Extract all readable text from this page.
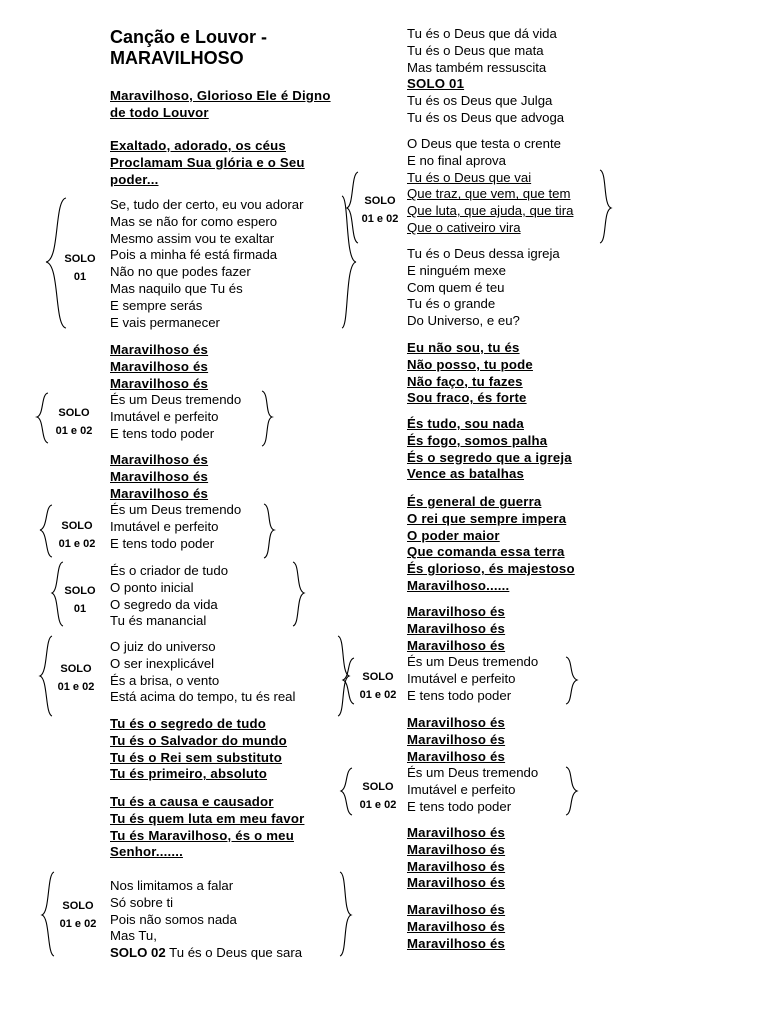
Canção e Louvor -
MARAVILHOSO
Maravilhoso, Glorioso Ele é Digno
de todo Louvor
Exaltado, adorado, os céus
Proclamam Sua glória e o Seu
poder...
Se, tudo der certo, eu vou adorar
Mas se não for como espero
Mesmo assim vou te exaltar
Pois a minha fé está firmada
Não no que podes fazer
Mas naquilo que Tu és
E sempre serás
E vais permanecer
Maravilhoso és
Maravilhoso és
Maravilhoso és
És um Deus tremendo
Imutável e perfeito
E tens todo poder
Maravilhoso és
Maravilhoso és
Maravilhoso és
És um Deus tremendo
Imutável e perfeito
E tens todo poder
És o criador de tudo
O ponto inicial
O segredo da vida
Tu és manancial
O juiz do universo
O ser inexplicável
És a brisa, o vento
Está acima do tempo, tu és real
Tu és o segredo de tudo
Tu és o Salvador do mundo
Tu és o Rei sem substituto
Tu és primeiro, absoluto
Tu és a causa e causador
Tu és quem luta em meu favor
Tu és Maravilhoso, és o meu
Senhor.......
Nos limitamos a falar
Só sobre ti
Pois não somos nada
Mas Tu,
SOLO 02 Tu és o Deus que sara
Tu és o Deus que dá vida
Tu és o Deus que mata
Mas também ressuscita
SOLO 01
Tu és os Deus que Julga
Tu és os Deus que advoga
O Deus que testa o crente
E no final aprova
Tu és o Deus que vai
Que traz, que vem, que tem
Que luta, que ajuda, que tira
Que o cativeiro vira
Tu és o Deus dessa igreja
E ninguém mexe
Com quem é teu
Tu és o grande
Do Universo, e eu?
Eu não sou, tu és
Não posso, tu pode
Não faço, tu fazes
Sou fraco, és forte
És tudo, sou nada
És fogo, somos palha
És o segredo que a igreja
Vence as batalhas
És general de guerra
O rei que sempre impera
O poder maior
Que comanda essa terra
És glorioso, és majestoso
Maravilhoso......
Maravilhoso és
Maravilhoso és
Maravilhoso és
És um Deus tremendo
Imutável e perfeito
E tens todo poder
Maravilhoso és
Maravilhoso és
Maravilhoso és
És um Deus tremendo
Imutável e perfeito
E tens todo poder
Maravilhoso és
Maravilhoso és
Maravilhoso és
Maravilhoso és
Maravilhoso és
Maravilhoso és
Maravilhoso és
SOLO
01
SOLO
01 e 02
SOLO
01 e 02
SOLO
01
SOLO
01 e 02
SOLO
01 e 02
SOLO
01 e 02
SOLO
01 e 02
SOLO
01 e 02
